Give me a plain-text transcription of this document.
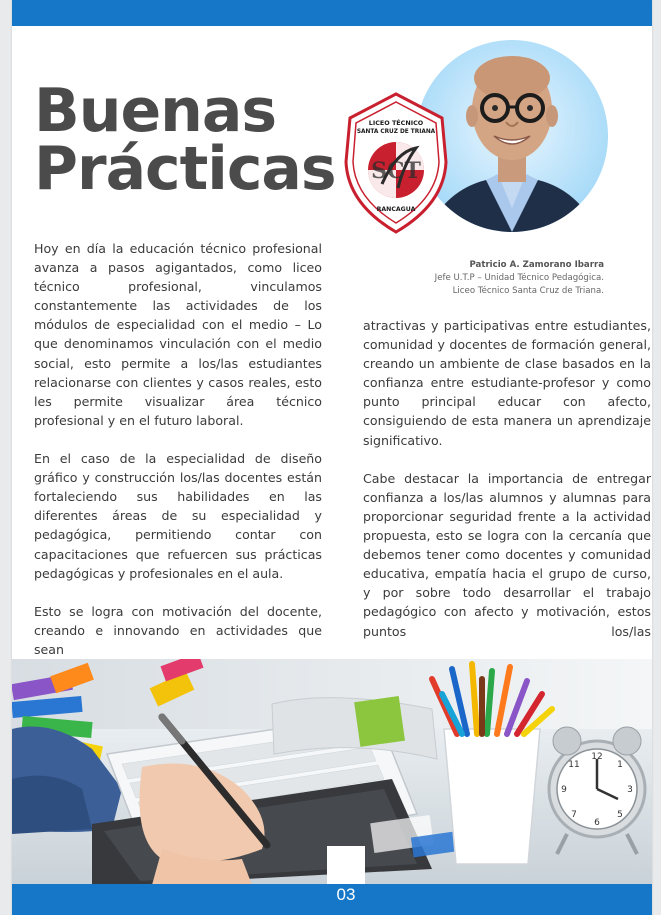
Buenas
Prácticas
LICEO TÉCNICO
SANTA CRUZ DE TRIANA
SCT
RANCAGUA
Patricio A. Zamorano Ibarra
Jefe U.T.P – Unidad Técnico Pedagógica.
Liceo Técnico Santa Cruz de Triana.

Hoy en día la educación técnico profesional avanza a pasos agigantados, como liceo técnico profesional, vinculamos constantemente las actividades de los módulos de especialidad con el medio – Lo que denominamos vinculación con el medio social, esto permite a los/las estudiantes relacionarse con clientes y casos reales, esto les permite visualizar área técnico profesional y en el futuro laboral.

En el caso de la especialidad de diseño gráfico y construcción los/las docentes están fortaleciendo sus habilidades en las diferentes áreas de su especialidad y pedagógica, permitiendo contar con capacitaciones que refuercen sus prácticas pedagógicas y profesionales en el aula.

Esto se logra con motivación del docente, creando e innovando en actividades que sean

atractivas y participativas entre estudiantes, comunidad y docentes de formación general, creando un ambiente de clase basados en la confianza entre estudiante-profesor y como punto principal educar con afecto, consiguiendo de esta manera un aprendizaje significativo.

Cabe destacar la importancia de entregar confianza a los/las alumnos y alumnas para proporcionar seguridad frente a la actividad propuesta, esto se logra con la cercanía que debemos tener como docentes y comunidad educativa, empatía hacia el grupo de curso, y por sobre todo desarrollar el trabajo pedagógico con afecto y motivación, estos puntos los/las

12
1
3
5
6
7
9
11
03
